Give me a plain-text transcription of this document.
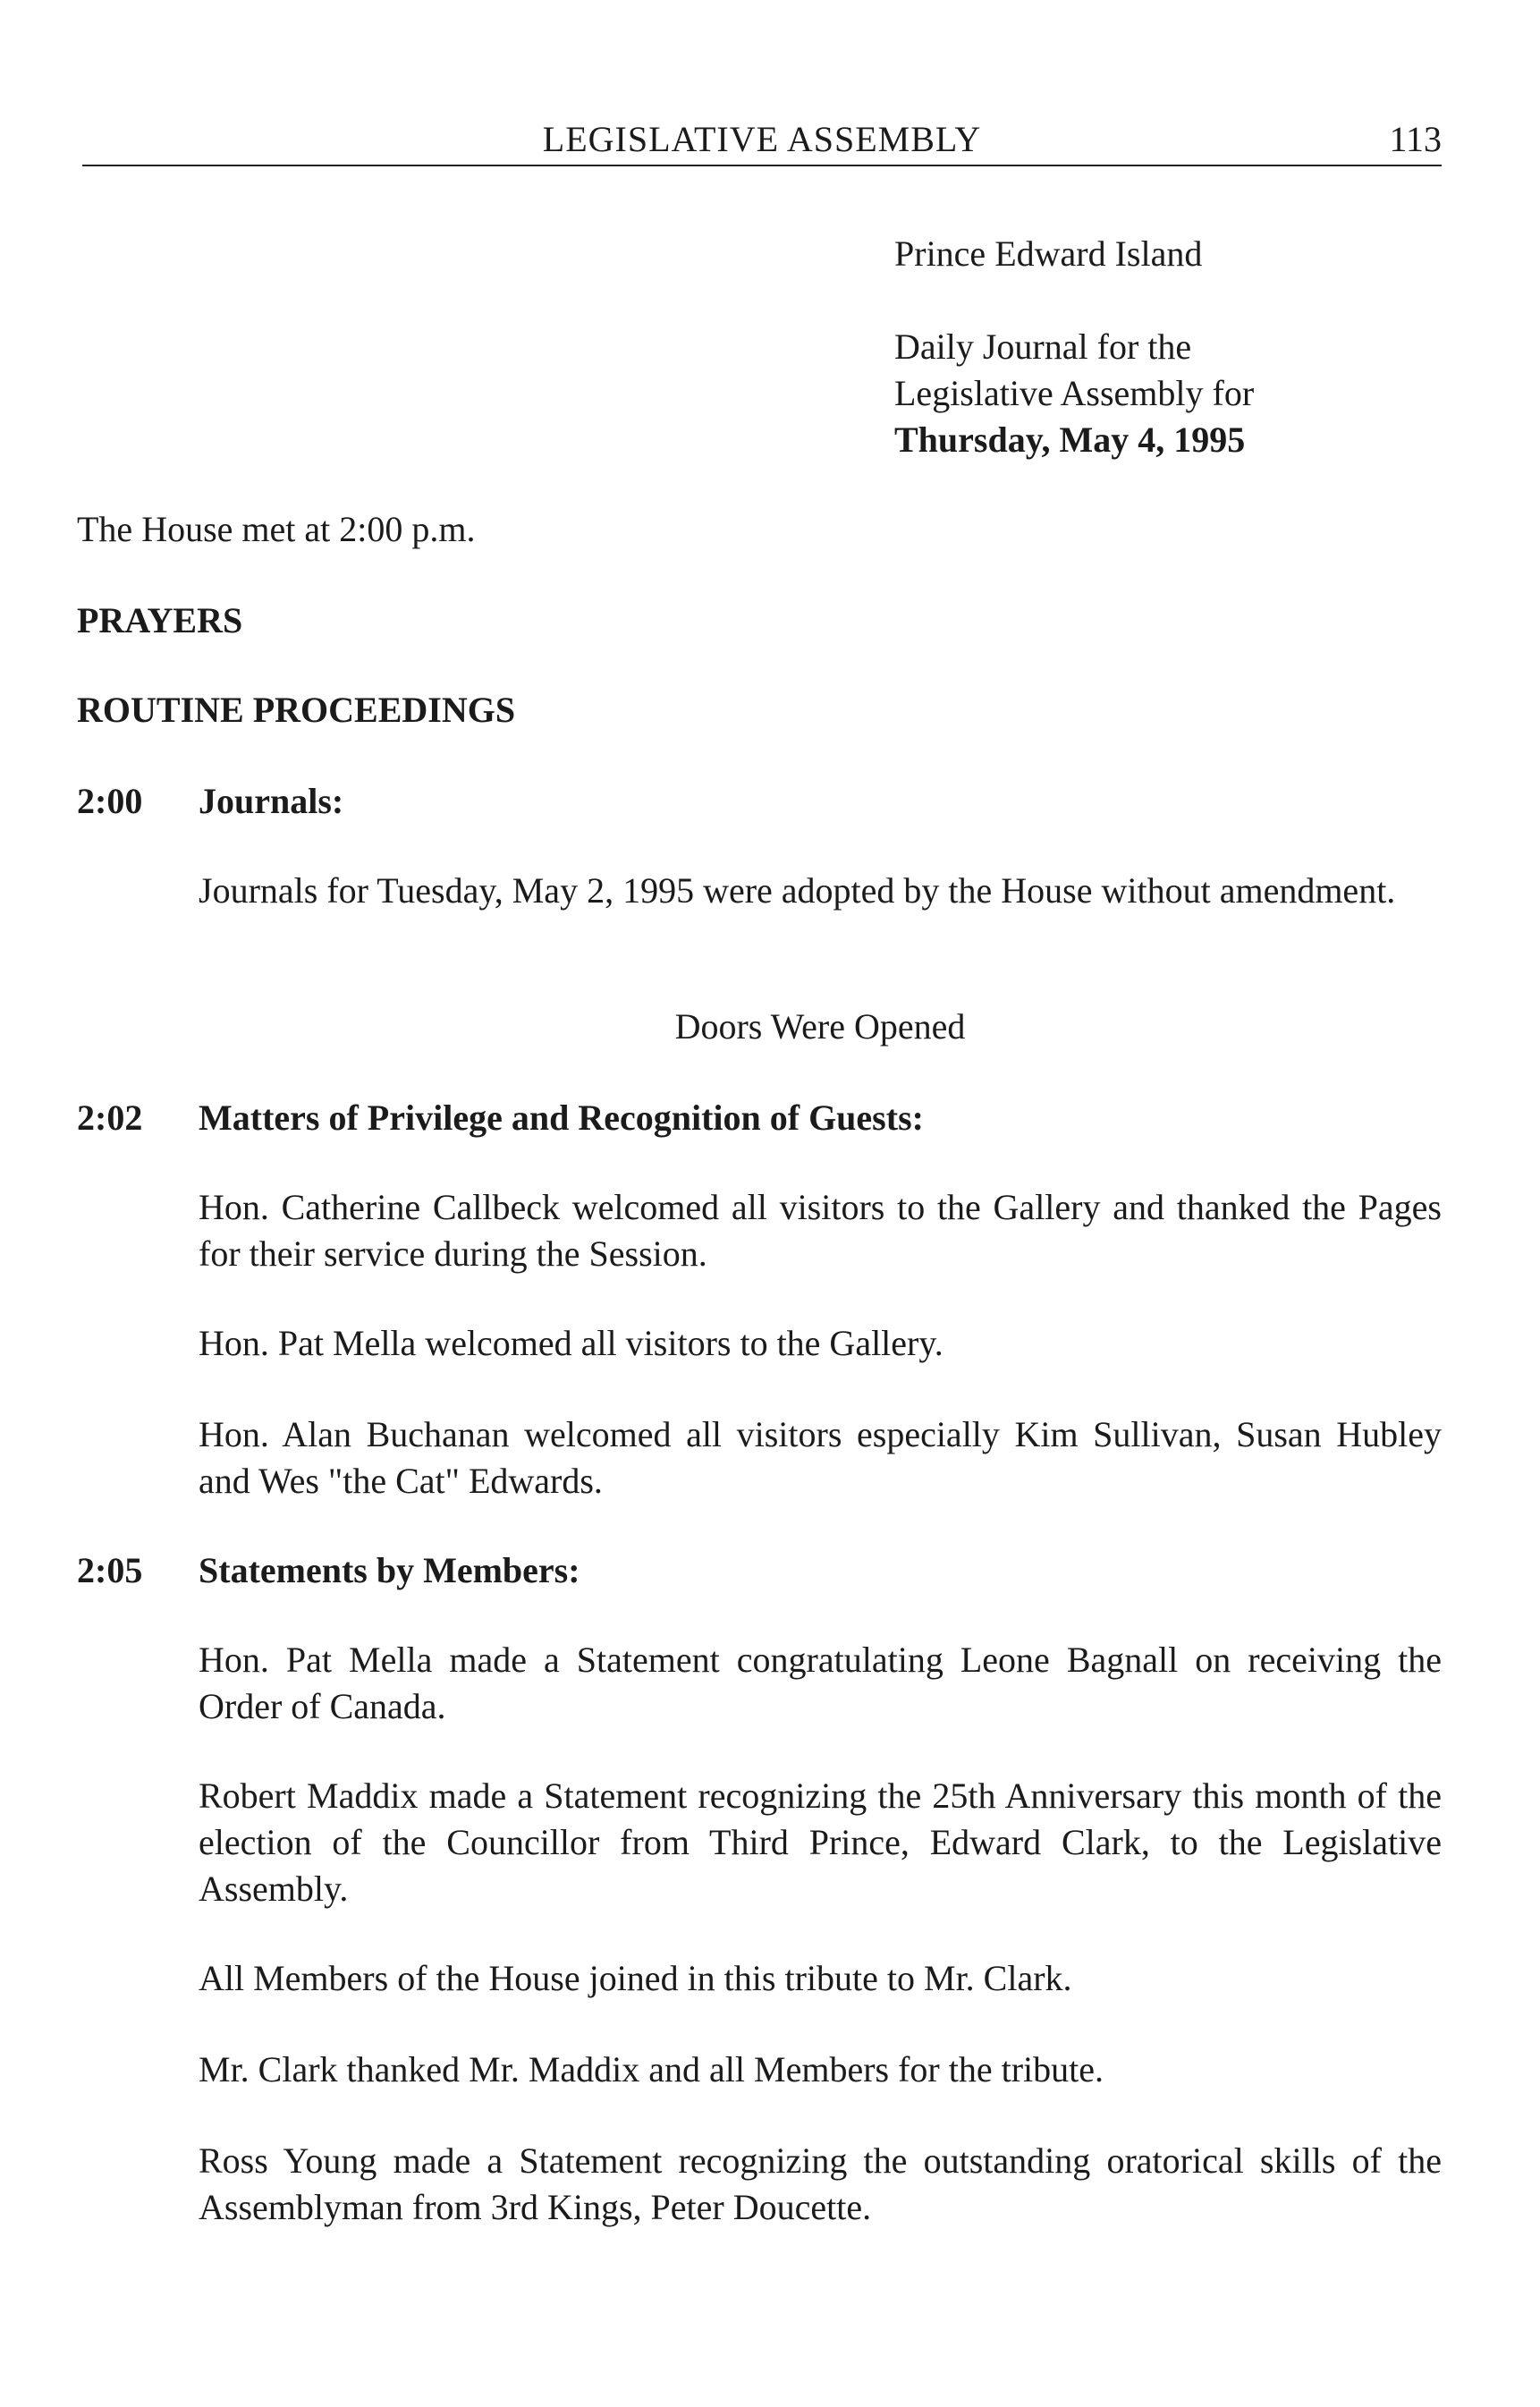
LEGISLATIVE ASSEMBLY	113

Prince Edward Island

Daily Journal for the

Legislative Assembly for

Thursday, May 4, 1995

The House met at 2:00 p.m.
PRAYERS
ROUTINE PROCEEDINGS
2:00 Journals:

Journals for Tuesday, May 2, 1995 were adopted by the House without amendment.

Doors Were Opened
2:02 Matters of Privilege and Recognition of Guests:

Hon. Catherine Callbeck welcomed all visitors to the Gallery and thanked the Pages for their service during the Session.

Hon. Pat Mella welcomed all visitors to the Gallery.

Hon. Alan Buchanan welcomed all visitors especially Kim Sullivan, Susan Hubley and Wes "the Cat" Edwards.

2:05 Statements by Members:

Hon. Pat Mella made a Statement congratulating Leone Bagnall on receiving the Order of Canada.

Robert Maddix made a Statement recognizing the 25th Anniversary this month of the election of the Councillor from Third Prince, Edward Clark, to the Legislative Assembly.

All Members of the House joined in this tribute to Mr. Clark.

Mr. Clark thanked Mr. Maddix and all Members for the tribute.

Ross Young made a Statement recognizing the outstanding oratorical skills of the Assemblyman from 3rd Kings, Peter Doucette.
